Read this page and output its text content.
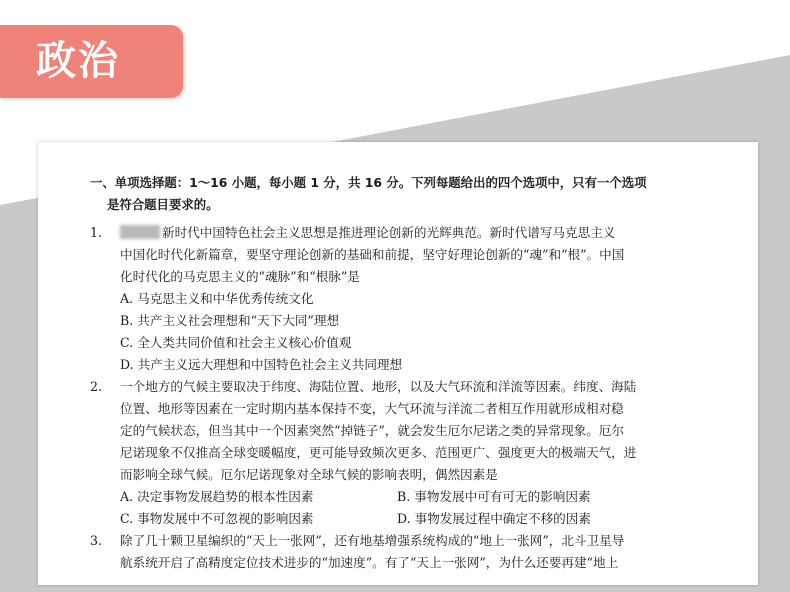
政治
一、单项选择题：1～16 小题，每小题 1 分，共 16 分。下列每题给出的四个选项中，只有一个选项
是符合题目要求的。
1.	新时代中国特色社会主义思想是推进理论创新的光辉典范。新时代谱写马克思主义
中国化时代化新篇章，要坚守理论创新的基础和前提，坚守好理论创新的“魂”和“根”。中国
化时代化的马克思主义的“魂脉”和“根脉”是
A. 马克思主义和中华优秀传统文化
B. 共产主义社会理想和“天下大同”理想
C. 全人类共同价值和社会主义核心价值观
D. 共产主义远大理想和中国特色社会主义共同理想
2. 一个地方的气候主要取决于纬度、海陆位置、地形，以及大气环流和洋流等因素。纬度、海陆
位置、地形等因素在一定时期内基本保持不变，大气环流与洋流二者相互作用就形成相对稳
定的气候状态，但当其中一个因素突然“掉链子”，就会发生厄尔尼诺之类的异常现象。厄尔
尼诺现象不仅推高全球变暖幅度，更可能导致频次更多、范围更广、强度更大的极端天气，进
而影响全球气候。厄尔尼诺现象对全球气候的影响表明，偶然因素是
A. 决定事物发展趋势的根本性因素	B. 事物发展中可有可无的影响因素
C. 事物发展中不可忽视的影响因素	D. 事物发展过程中确定不移的因素
3. 除了几十颗卫星编织的“天上一张网”，还有地基增强系统构成的“地上一张网”，北斗卫星导
航系统开启了高精度定位技术进步的“加速度”。有了“天上一张网”，为什么还要再建“地上
